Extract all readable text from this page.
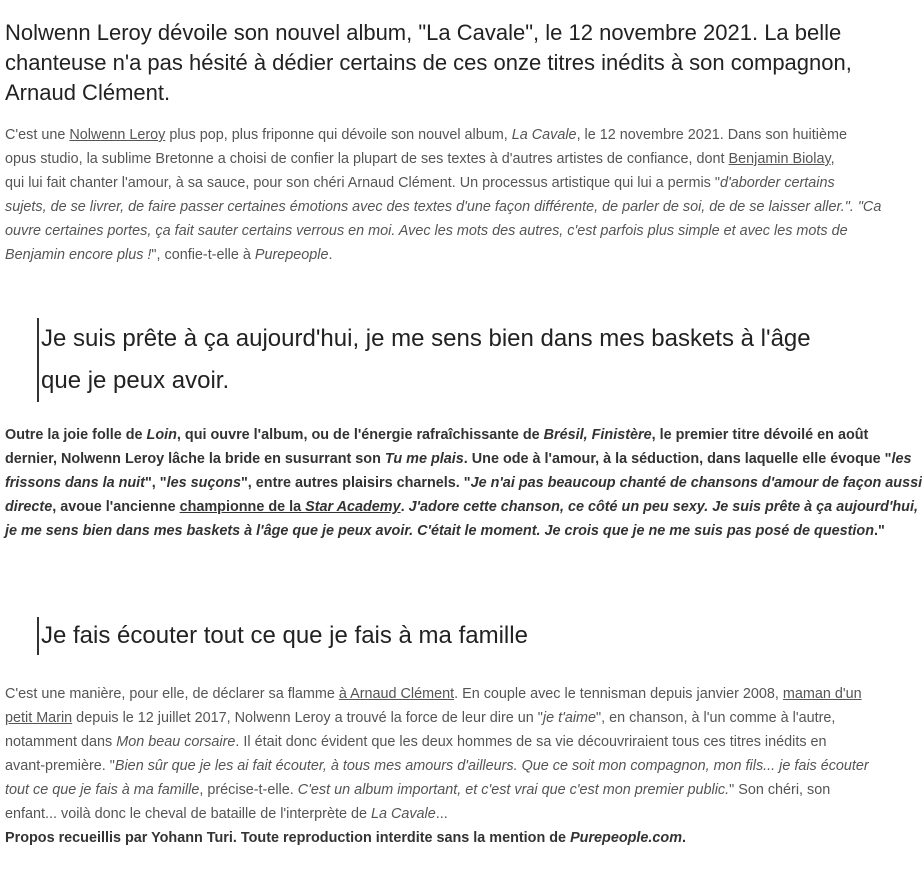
Nolwenn Leroy dévoile son nouvel album, "La Cavale", le 12 novembre 2021. La belle
chanteuse n'a pas hésité à dédier certains de ces onze titres inédits à son compagnon,
Arnaud Clément.

C'est une Nolwenn Leroy plus pop, plus friponne qui dévoile son nouvel album, La Cavale, le 12 novembre 2021. Dans son huitième
opus studio, la sublime Bretonne a choisi de confier la plupart de ses textes à d'autres artistes de confiance, dont Benjamin Biolay,
qui lui fait chanter l'amour, à sa sauce, pour son chéri Arnaud Clément. Un processus artistique qui lui a permis "d'aborder certains
sujets, de se livrer, de faire passer certaines émotions avec des textes d'une façon différente, de parler de soi, de de se laisser aller.". "Ca
ouvre certaines portes, ça fait sauter certains verrous en moi. Avec les mots des autres, c'est parfois plus simple et avec les mots de
Benjamin encore plus !", confie-t-elle à Purepeople.

Je suis prête à ça aujourd'hui, je me sens bien dans mes baskets à l'âge
que je peux avoir.

Outre la joie folle de Loin, qui ouvre l'album, ou de l'énergie rafraîchissante de Brésil, Finistère, le premier titre dévoilé en août
dernier, Nolwenn Leroy lâche la bride en susurrant son Tu me plais. Une ode à l'amour, à la séduction, dans laquelle elle évoque "les
frissons dans la nuit", "les suçons", entre autres plaisirs charnels. "Je n'ai pas beaucoup chanté de chansons d'amour de façon aussi
directe, avoue l'ancienne championne de la Star Academy. J'adore cette chanson, ce côté un peu sexy. Je suis prête à ça aujourd'hui,
je me sens bien dans mes baskets à l'âge que je peux avoir. C'était le moment. Je crois que je ne me suis pas posé de question."

Je fais écouter tout ce que je fais à ma famille

C'est une manière, pour elle, de déclarer sa flamme à Arnaud Clément. En couple avec le tennisman depuis janvier 2008, maman d'un
petit Marin depuis le 12 juillet 2017, Nolwenn Leroy a trouvé la force de leur dire un "je t'aime", en chanson, à l'un comme à l'autre,
notamment dans Mon beau corsaire. Il était donc évident que les deux hommes de sa vie découvriraient tous ces titres inédits en
avant-première. "Bien sûr que je les ai fait écouter, à tous mes amours d'ailleurs. Que ce soit mon compagnon, mon fils... je fais écouter
tout ce que je fais à ma famille, précise-t-elle. C'est un album important, et c'est vrai que c'est mon premier public." Son chéri, son
enfant... voilà donc le cheval de bataille de l'interprète de La Cavale...

Propos recueillis par Yohann Turi. Toute reproduction interdite sans la mention de Purepeople.com.
